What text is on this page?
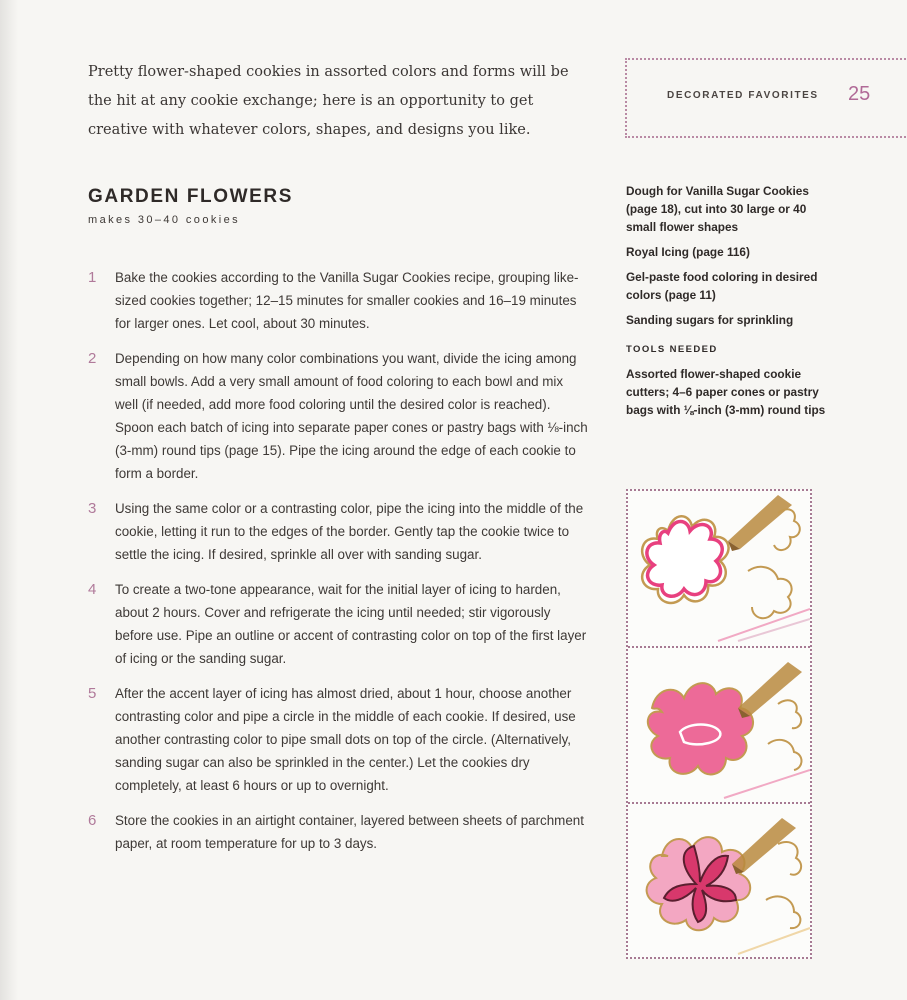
Pretty flower-shaped cookies in assorted colors and forms will be the hit at any cookie exchange; here is an opportunity to get creative with whatever colors, shapes, and designs you like.

DECORATED FAVORITES 25
GARDEN FLOWERS
makes 30–40 cookies
1	Bake the cookies according to the Vanilla Sugar Cookies recipe, grouping like-sized cookies together; 12–15 minutes for smaller cookies and 16–19 minutes for larger ones. Let cool, about 30 minutes.
2	Depending on how many color combinations you want, divide the icing among small bowls. Add a very small amount of food coloring to each bowl and mix well (if needed, add more food coloring until the desired color is reached). Spoon each batch of icing into separate paper cones or pastry bags with ⅛-inch (3-mm) round tips (page 15). Pipe the icing around the edge of each cookie to form a border.
3	Using the same color or a contrasting color, pipe the icing into the middle of the cookie, letting it run to the edges of the border. Gently tap the cookie twice to settle the icing. If desired, sprinkle all over with sanding sugar.
4	To create a two-tone appearance, wait for the initial layer of icing to harden, about 2 hours. Cover and refrigerate the icing until needed; stir vigorously before use. Pipe an outline or accent of contrasting color on top of the first layer of icing or the sanding sugar.
5	After the accent layer of icing has almost dried, about 1 hour, choose another contrasting color and pipe a circle in the middle of each cookie. If desired, use another contrasting color to pipe small dots on top of the circle. (Alternatively, sanding sugar can also be sprinkled in the center.) Let the cookies dry completely, at least 6 hours or up to overnight.
6	Store the cookies in an airtight container, layered between sheets of parchment paper, at room temperature for up to 3 days.
Dough for Vanilla Sugar Cookies (page 18), cut into 30 large or 40 small flower shapes
Royal Icing (page 116)
Gel-paste food coloring in desired colors (page 11)
Sanding sugars for sprinkling
TOOLS NEEDED
Assorted flower-shaped cookie cutters; 4–6 paper cones or pastry bags with ⅛-inch (3-mm) round tips
